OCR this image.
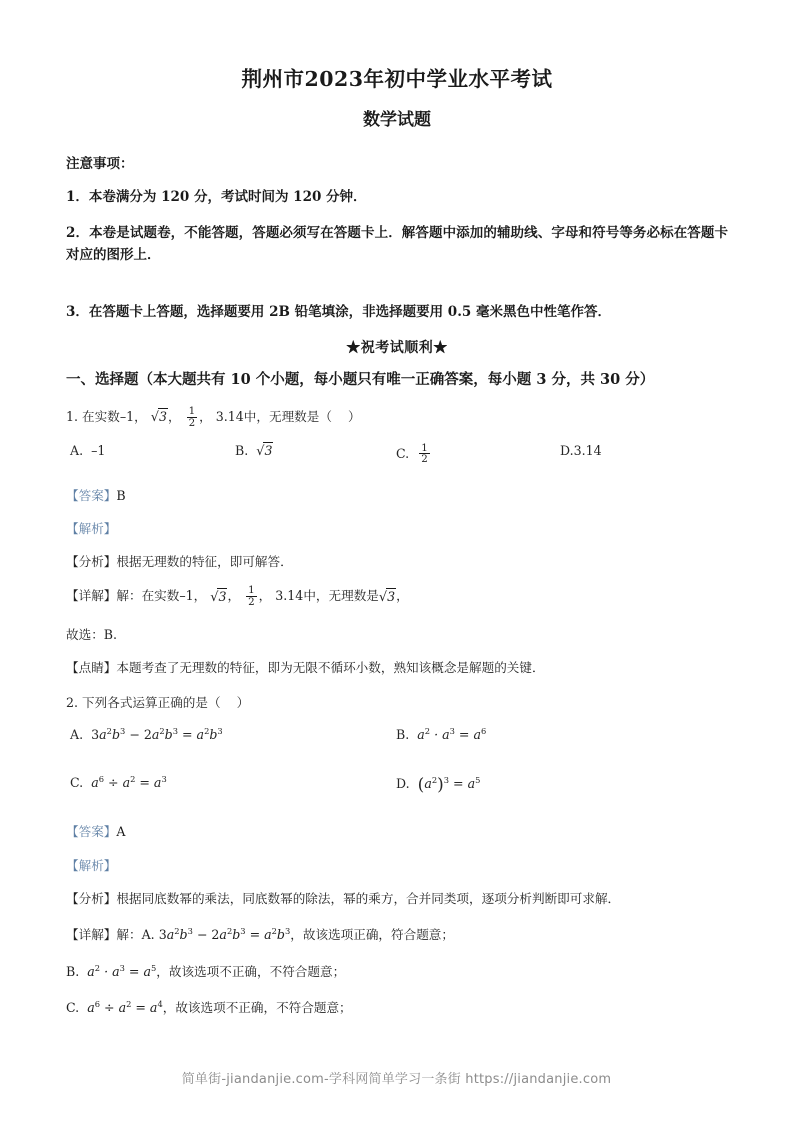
荆州市2023年初中学业水平考试
数学试题

注意事项：

1．本卷满分为 120 分，考试时间为 120 分钟．

2．本卷是试题卷，不能答题，答题必须写在答题卡上．解答题中添加的辅助线、字母和符号等务必标在答题卡对应的图形上．

3．在答题卡上答题，选择题要用 2B 铅笔填涂，非选择题要用 0.5 毫米黑色中性笔作答．

★祝考试顺利★

一、选择题（本大题共有 10 个小题，每小题只有唯一正确答案，每小题 3 分，共 30 分）

1. 在实数–1， √3， $\frac{1}{2}$ ， 3.14中，无理数是（ ）

A. –1	B. √3	C. $\frac{1}{2}$	D.3.14

【答案】B

【解析】

【分析】根据无理数的特征，即可解答．

【详解】解：在实数–1， √3， $\frac{1}{2}$ ， 3.14中，无理数是√3，

故选：B.

【点睛】本题考查了无理数的特征，即为无限不循环小数，熟知该概念是解题的关键．

2. 下列各式运算正确的是（ ）

A. $3a^2b^3 - 2a^2b^3 = a^2b^3$	B. $a^2 \cdot a^3 = a^6$
C. $a^6 \div a^2 = a^3$	D. $(a^2)^3 = a^5$

【答案】A

【解析】

【分析】根据同底数幂的乘法，同底数幂的除法，幂的乘方，合并同类项，逐项分析判断即可求解．

【详解】解：A. $3a^2b^3 - 2a^2b^3 = a^2b^3$，故该选项正确，符合题意；

B. $a^2 \cdot a^3 = a^5$，故该选项不正确，不符合题意；

C. $a^6 \div a^2 = a^4$，故该选项不正确，不符合题意；

简单街-jiandanjie.com-学科网简单学习一条街 https://jiandanjie.com
